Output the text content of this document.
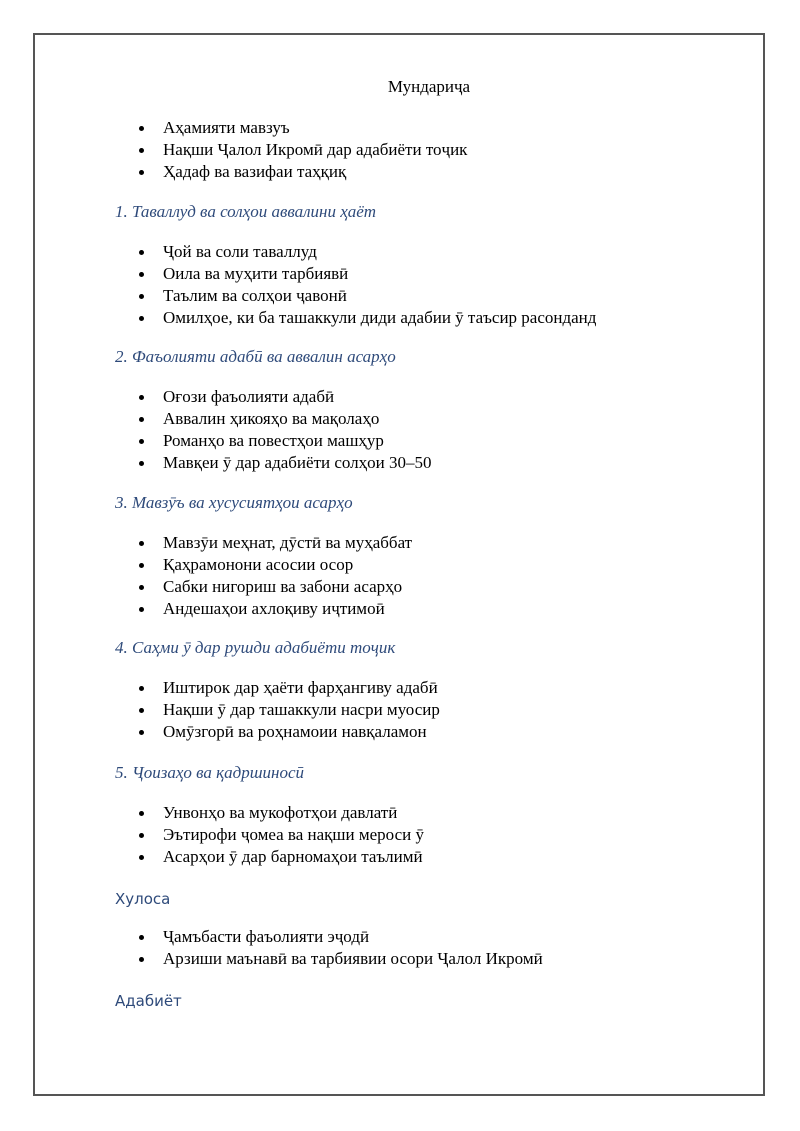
Мундариҷа
Аҳамияти мавзуъ
Нақши Ҷалол Икромӣ дар адабиёти тоҷик
Ҳадаф ва вазифаи таҳқиқ
1. Таваллуд ва солҳои аввалини ҳаёт
Ҷой ва соли таваллуд
Оила ва муҳити тарбиявӣ
Таълим ва солҳои ҷавонӣ
Омилҳое, ки ба ташаккули диди адабии ӯ таъсир расонданд
2. Фаъолияти адабӣ ва аввалин асарҳо
Оғози фаъолияти адабӣ
Аввалин ҳикояҳо ва мақолаҳо
Романҳо ва повестҳои машҳур
Мавқеи ӯ дар адабиёти солҳои 30–50
3. Мавзӯъ ва хусусиятҳои асарҳо
Мавзӯи меҳнат, дӯстӣ ва муҳаббат
Қаҳрамонони асосии осор
Сабки нигориш ва забони асарҳо
Андешаҳои ахлоқиву иҷтимоӣ
4. Саҳми ӯ дар рушди адабиёти тоҷик
Иштирок дар ҳаёти фарҳангиву адабӣ
Нақши ӯ дар ташаккули насри муосир
Омӯзгорӣ ва роҳнамоии навқаламон
5. Ҷоизаҳо ва қадршиносӣ
Унвонҳо ва мукофотҳои давлатӣ
Эътирофи ҷомеа ва нақши мероси ӯ
Асарҳои ӯ дар барномаҳои таълимӣ
Хулоса
Ҷамъбасти фаъолияти эҷодӣ
Арзиши маънавӣ ва тарбиявии осори Ҷалол Икромӣ
Адабиёт
